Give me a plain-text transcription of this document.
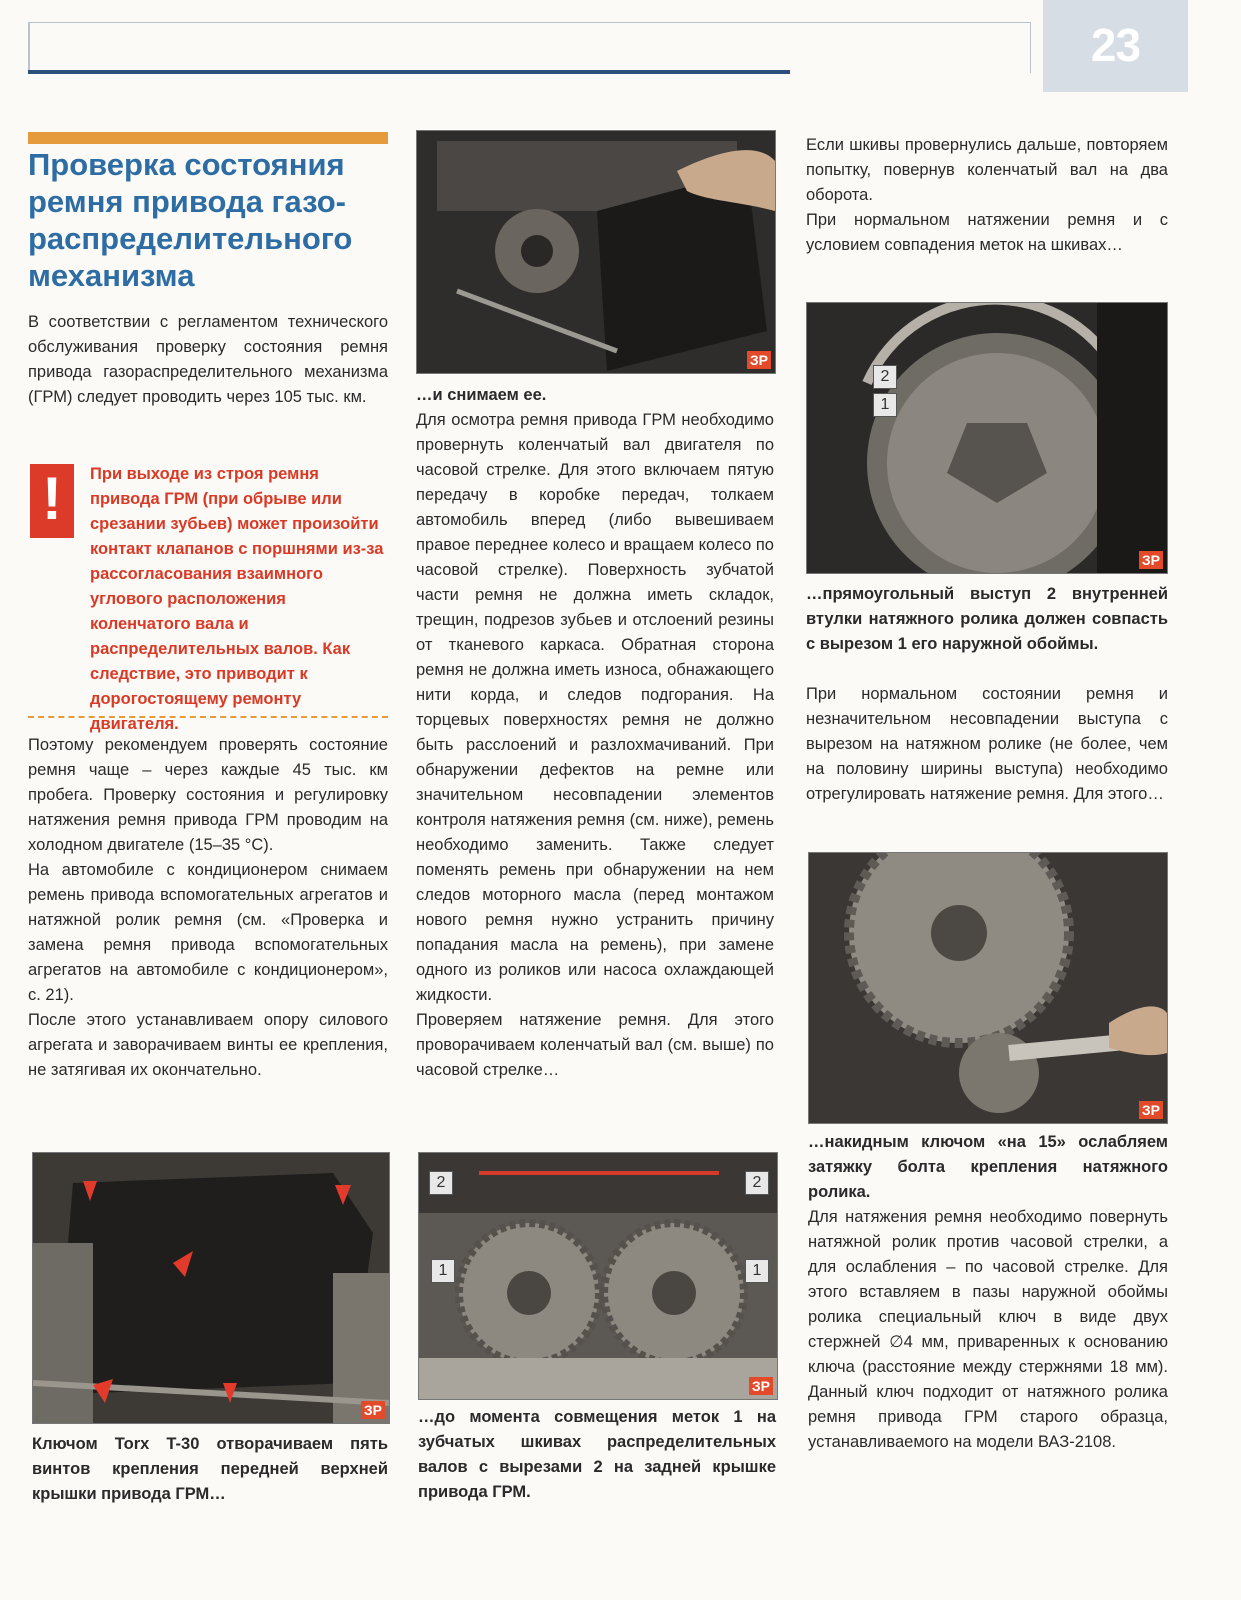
23
Проверка состояния ремня привода газо-распределительного механизма

В соответствии с регламентом технического обслуживания проверку состояния ремня привода газораспределительного механизма (ГРМ) следует проводить через 105 тыс. км.

!	При выходе из строя ремня привода ГРМ (при обрыве или срезании зубьев) может произойти контакт клапанов с поршнями из-за рассогласования взаимного углового расположения коленчатого вала и распределительных валов. Как следствие, это приводит к дорогостоящему ремонту двигателя.

Поэтому рекомендуем проверять состояние ремня чаще – через каждые 45 тыс. км пробега. Проверку состояния и регулировку натяжения ремня привода ГРМ проводим на холодном двигателе (15–35 °С).

На автомобиле с кондиционером снимаем ремень привода вспомогательных агрегатов и натяжной ролик ремня (см. «Проверка и замена ремня привода вспомогательных агрегатов на автомобиле с кондиционером», с. 21).

После этого устанавливаем опору силового агрегата и заворачиваем винты ее крепления, не затягивая их окончательно.

ЗР
Ключом Torx T-30 отворачиваем пять винтов крепления передней верхней крышки привода ГРМ…
ЗР
…и снимаем ее.

Для осмотра ремня привода ГРМ необходимо провернуть коленчатый вал двигателя по часовой стрелке. Для этого включаем пятую передачу в коробке передач, толкаем автомобиль вперед (либо вывешиваем правое переднее колесо и вращаем колесо по часовой стрелке). Поверхность зубчатой части ремня не должна иметь складок, трещин, подрезов зубьев и отслоений резины от тканевого каркаса. Обратная сторона ремня не должна иметь износа, обнажающего нити корда, и следов подгорания. На торцевых поверхностях ремня не должно быть расслоений и разлохмачиваний. При обнаружении дефектов на ремне или значительном несовпадении элементов контроля натяжения ремня (см. ниже), ремень необходимо заменить. Также следует поменять ремень при обнаружении на нем следов моторного масла (перед монтажом нового ремня нужно устранить причину попадания масла на ремень), при замене одного из роликов или насоса охлаждающей жидкости.

Проверяем натяжение ремня. Для этого проворачиваем коленчатый вал (см. выше) по часовой стрелке…

2	2
1	1
ЗР
…до момента совмещения меток 1 на зубчатых шкивах распределительных валов с вырезами 2 на задней крышке привода ГРМ.

Если шкивы провернулись дальше, повторяем попытку, повернув коленчатый вал на два оборота.

При нормальном натяжении ремня и с условием совпадения меток на шкивах…

2
1
ЗР
…прямоугольный выступ 2 внутренней втулки натяжного ролика должен совпасть с вырезом 1 его наружной обоймы.

При нормальном состоянии ремня и незначительном несовпадении выступа с вырезом на натяжном ролике (не более, чем на половину ширины выступа) необходимо отрегулировать натяжение ремня. Для этого…

ЗР
…накидным ключом «на 15» ослабляем затяжку болта крепления натяжного ролика.

Для натяжения ремня необходимо повернуть натяжной ролик против часовой стрелки, а для ослабления – по часовой стрелке. Для этого вставляем в пазы наружной обоймы ролика специальный ключ в виде двух стержней ∅4 мм, приваренных к основанию ключа (расстояние между стержнями 18 мм). Данный ключ подходит от натяжного ролика ремня привода ГРМ старого образца, устанавливаемого на модели ВАЗ-2108.
